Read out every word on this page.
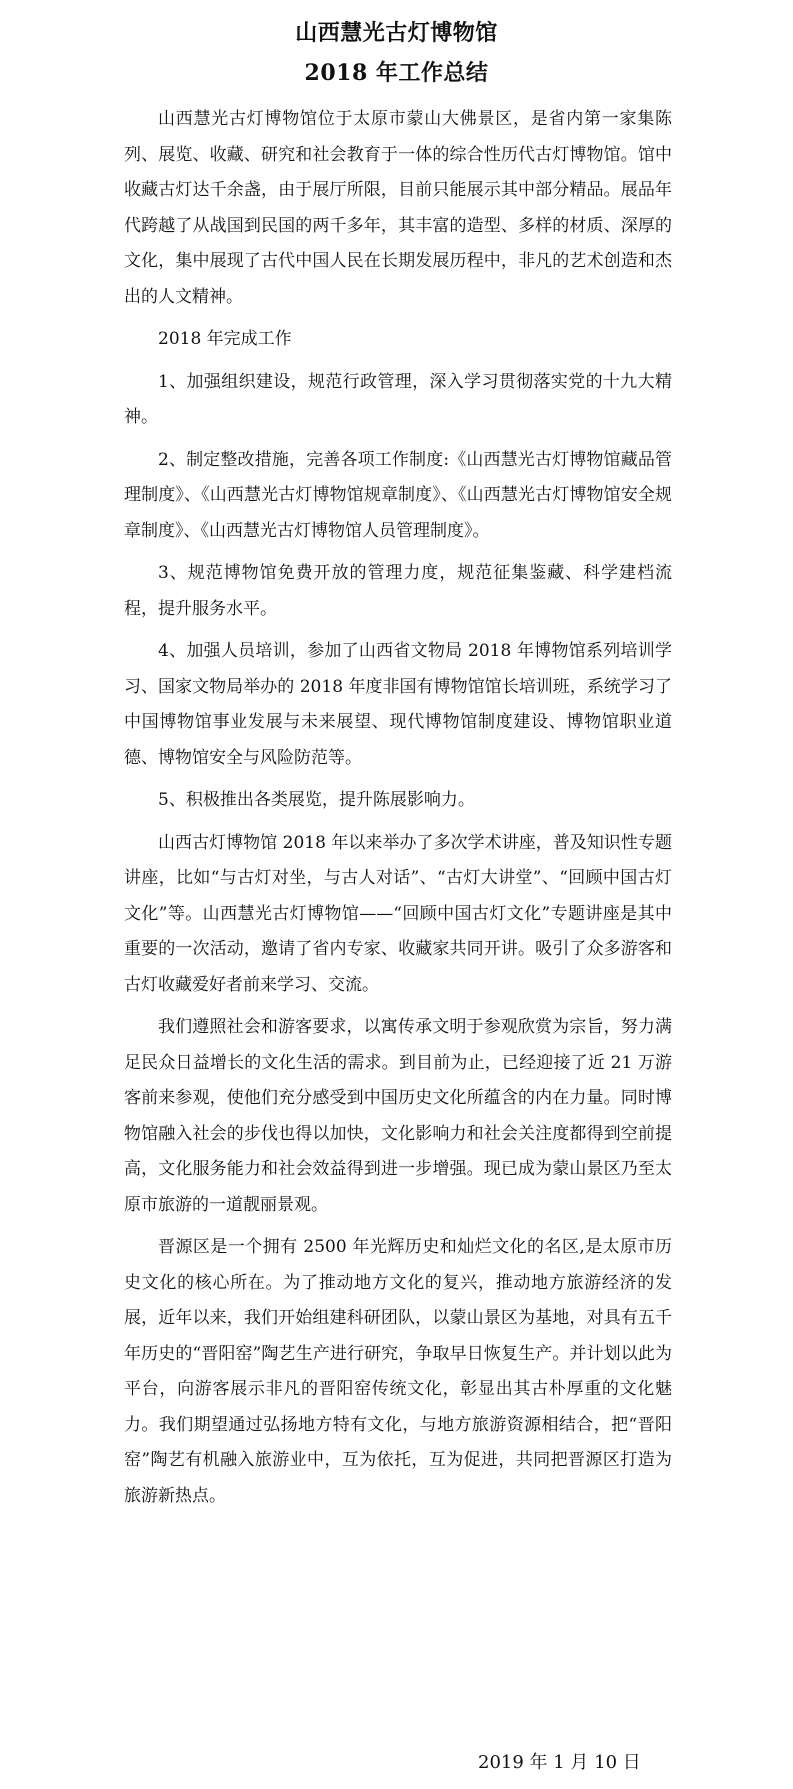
山西慧光古灯博物馆
2018 年工作总结

山西慧光古灯博物馆位于太原市蒙山大佛景区，是省内第一家集陈列、展览、收藏、研究和社会教育于一体的综合性历代古灯博物馆。馆中收藏古灯达千余盏，由于展厅所限，目前只能展示其中部分精品。展品年代跨越了从战国到民国的两千多年，其丰富的造型、多样的材质、深厚的文化，集中展现了古代中国人民在长期发展历程中，非凡的艺术创造和杰出的人文精神。

2018 年完成工作

1、加强组织建设，规范行政管理，深入学习贯彻落实党的十九大精神。

2、制定整改措施，完善各项工作制度:《山西慧光古灯博物馆藏品管理制度》、《山西慧光古灯博物馆规章制度》、《山西慧光古灯博物馆安全规章制度》、《山西慧光古灯博物馆人员管理制度》。

3、规范博物馆免费开放的管理力度，规范征集鉴藏、科学建档流程，提升服务水平。

4、加强人员培训，参加了山西省文物局 2018 年博物馆系列培训学习、国家文物局举办的 2018 年度非国有博物馆馆长培训班，系统学习了中国博物馆事业发展与未来展望、现代博物馆制度建设、博物馆职业道德、博物馆安全与风险防范等。

5、积极推出各类展览，提升陈展影响力。

山西古灯博物馆 2018 年以来举办了多次学术讲座，普及知识性专题讲座，比如“与古灯对坐，与古人对话”、“古灯大讲堂”、“回顾中国古灯文化”等。山西慧光古灯博物馆——“回顾中国古灯文化”专题讲座是其中重要的一次活动，邀请了省内专家、收藏家共同开讲。吸引了众多游客和古灯收藏爱好者前来学习、交流。

我们遵照社会和游客要求，以寓传承文明于参观欣赏为宗旨，努力满足民众日益增长的文化生活的需求。到目前为止，已经迎接了近 21 万游客前来参观，使他们充分感受到中国历史文化所蕴含的内在力量。同时博物馆融入社会的步伐也得以加快，文化影响力和社会关注度都得到空前提高，文化服务能力和社会效益得到进一步增强。现已成为蒙山景区乃至太原市旅游的一道靓丽景观。

晋源区是一个拥有 2500 年光辉历史和灿烂文化的名区,是太原市历史文化的核心所在。为了推动地方文化的复兴，推动地方旅游经济的发展，近年以来，我们开始组建科研团队，以蒙山景区为基地，对具有五千年历史的“晋阳窑”陶艺生产进行研究，争取早日恢复生产。并计划以此为平台，向游客展示非凡的晋阳窑传统文化，彰显出其古朴厚重的文化魅力。我们期望通过弘扬地方特有文化，与地方旅游资源相结合，把“晋阳窑”陶艺有机融入旅游业中，互为依托，互为促进，共同把晋源区打造为旅游新热点。

2019 年 1 月 10 日
